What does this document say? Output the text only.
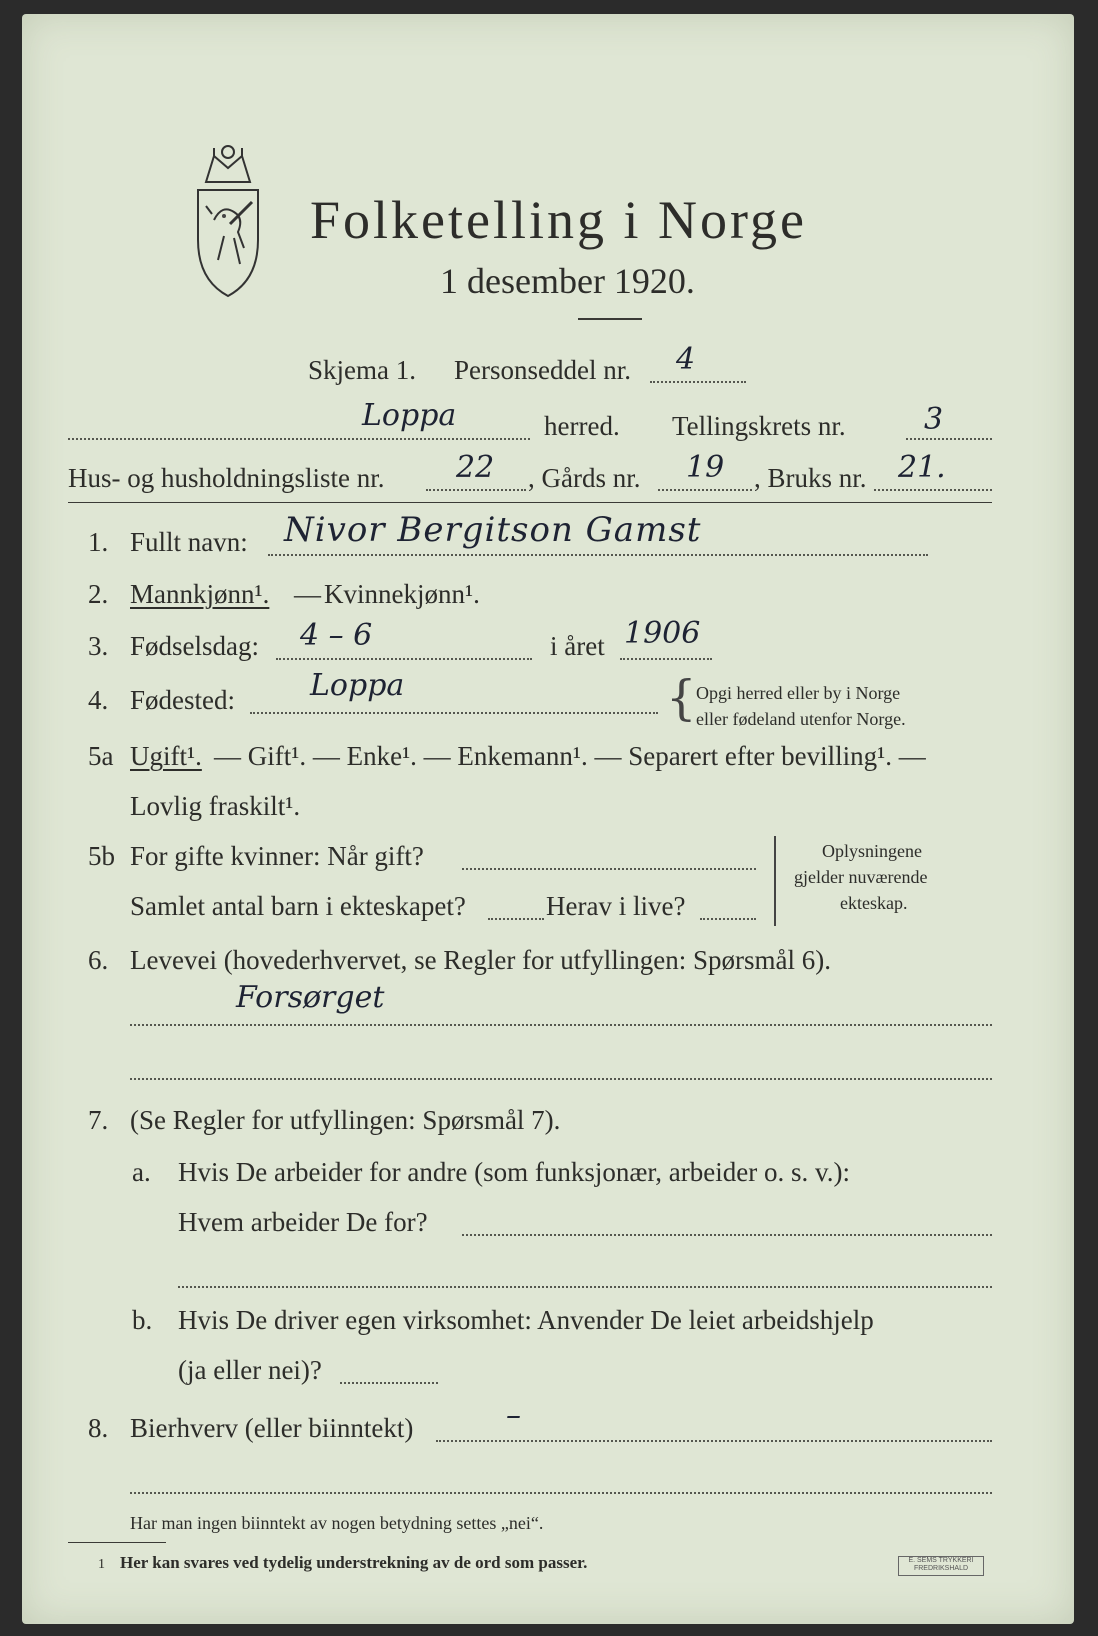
Folketelling i Norge
1 desember 1920.
Skjema 1. Personseddel nr. 4
Loppa	herred. Tellingskrets nr.	3
Hus- og husholdningsliste nr. 22 , Gårds nr. 19 , Bruks nr. 21.
1. Fullt navn: Nivor Bergitson Gamst
2. Mannkjønn¹. — Kvinnekjønn¹.
3. Fødselsdag: 4 – 6	i året 1906
4. Fødested:	Loppa	{ Opgi herred eller by i Norge
eller fødeland utenfor Norge.
5a Ugift¹. — Gift¹. — Enke¹. — Enkemann¹. — Separert efter bevilling¹. —
Lovlig fraskilt¹.
5b For gifte kvinner: Når gift?
Samlet antal barn i ekteskapet?	Herav i live?
Oplysningene
gjelder nuværende
ekteskap.
6. Levevei (hovederhvervet, se Regler for utfyllingen: Spørsmål 6).
Forsørget
7. (Se Regler for utfyllingen: Spørsmål 7).
a. Hvis De arbeider for andre (som funksjonær, arbeider o. s. v.):
Hvem arbeider De for?
b. Hvis De driver egen virksomhet: Anvender De leiet arbeidshjelp
(ja eller nei)?
8. Bierhverv (eller biinntekt)	–
Har man ingen biinntekt av nogen betydning settes „nei“.
1 Her kan svares ved tydelig understrekning av de ord som passer.	E. SEMS TRYKKERI
FREDRIKSHALD
